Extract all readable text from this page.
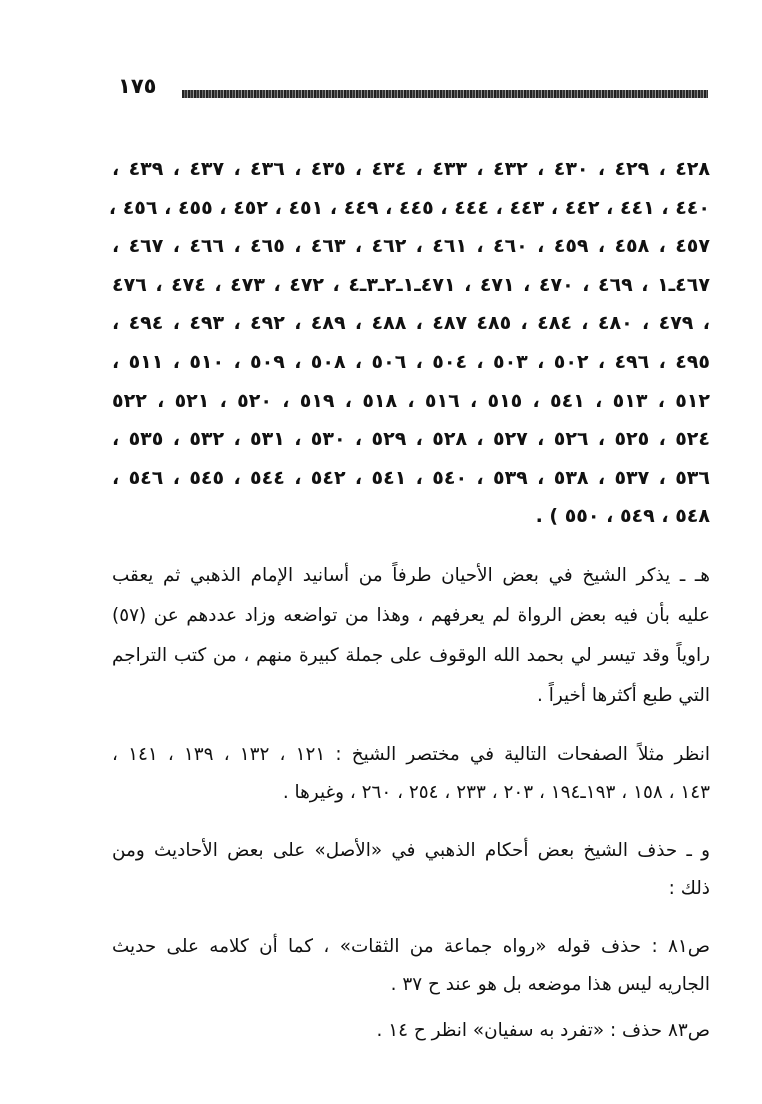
١٧٥
٤٢٨ ، ٤٢٩ ، ٤٣٠ ، ٤٣٢ ، ٤٣٣ ، ٤٣٤ ، ٤٣٥ ، ٤٣٦ ، ٤٣٧ ، ٤٣٩ ،
٤٤٠ ، ٤٤١ ، ٤٤٢ ، ٤٤٣ ، ٤٤٤ ، ٤٤٥ ، ٤٤٩ ، ٤٥١ ، ٤٥٢ ، ٤٥٥ ، ٤٥٦ ،
٤٥٧ ، ٤٥٨ ، ٤٥٩ ، ٤٦٠ ، ٤٦١ ، ٤٦٢ ، ٤٦٣ ، ٤٦٥ ، ٤٦٦ ، ٤٦٧ ،
٤٦٧ـ١ ، ٤٦٩ ، ٤٧٠ ، ٤٧١ ، ٤٧١ـ١ـ٢ـ٣ـ٤ ، ٤٧٢ ، ٤٧٣ ، ٤٧٤ ، ٤٧٦
، ٤٧٩ ، ٤٨٠ ، ٤٨٤ ، ٤٨٥ ٤٨٧ ، ٤٨٨ ، ٤٨٩ ، ٤٩٢ ، ٤٩٣ ، ٤٩٤ ،
٤٩٥ ، ٤٩٦ ، ٥٠٢ ، ٥٠٣ ، ٥٠٤ ، ٥٠٦ ، ٥٠٨ ، ٥٠٩ ، ٥١٠ ، ٥١١ ،
٥١٢ ، ٥١٣ ، ٥٤١ ، ٥١٥ ، ٥١٦ ، ٥١٨ ، ٥١٩ ، ٥٢٠ ، ٥٢١ ، ٥٢٢
٥٢٤ ، ٥٢٥ ، ٥٢٦ ، ٥٢٧ ، ٥٢٨ ، ٥٢٩ ، ٥٣٠ ، ٥٣١ ، ٥٣٢ ، ٥٣٥ ،
٥٣٦ ، ٥٣٧ ، ٥٣٨ ، ٥٣٩ ، ٥٤٠ ، ٥٤١ ، ٥٤٢ ، ٥٤٤ ، ٥٤٥ ، ٥٤٦ ،
٥٤٨ ، ٥٤٩ ، ٥٥٠ ) .

هـ ـ يذكر الشيخ في بعض الأحيان طرفاً من أسانيد الإمام الذهبي ثم يعقب

عليه بأن فيه بعض الرواة لم يعرفهم ، وهذا من تواضعه وزاد عددهم عن (٥٧)

راوياً وقد تيسر لي بحمد الله الوقوف على جملة كبيرة منهم ، من كتب التراجم

التي طبع أكثرها أخيراً .

انظر مثلاً الصفحات التالية في مختصر الشيخ : ١٢١ ، ١٣٢ ، ١٣٩ ، ١٤١ ،

١٤٣ ، ١٥٨ ، ١٩٣ـ١٩٤ ، ٢٠٣ ، ٢٣٣ ، ٢٥٤ ، ٢٦٠ ، وغيرها .

و ـ حذف الشيخ بعض أحكام الذهبي في «الأصل» على بعض الأحاديث ومن

ذلك :

ص٨١ : حذف قوله «رواه جماعة من الثقات» ، كما أن كلامه على حديث

الجاريه ليس هذا موضعه بل هو عند ح ٣٧ .

ص٨٣ حذف : «تفرد به سفيان» انظر ح ١٤ .
